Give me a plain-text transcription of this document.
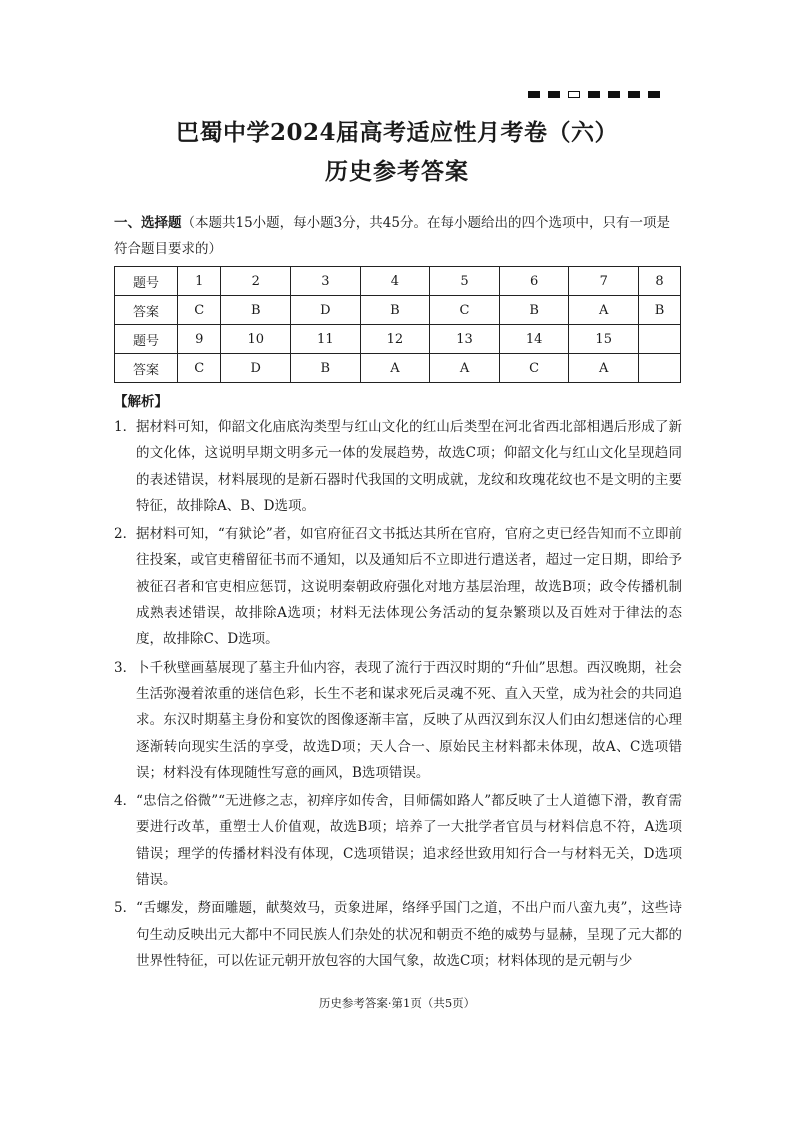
巴蜀中学2024届高考适应性月考卷（六）
历史参考答案
一、选择题（本题共15小题，每小题3分，共45分。在每小题给出的四个选项中，只有一项是符合题目要求的）
题号	1	2	3	4	5	6	7	8
答案	C	B	D	B	C	B	A	B
题号	9	10	11	12	13	14	15	
答案	C	D	B	A	A	C	A	
【解析】
1． 据材料可知，仰韶文化庙底沟类型与红山文化的红山后类型在河北省西北部相遇后形成了新的文化体，这说明早期文明多元一体的发展趋势，故选C项；仰韶文化与红山文化呈现趋同的表述错误，材料展现的是新石器时代我国的文明成就，龙纹和玫瑰花纹也不是文明的主要特征，故排除A、B、D选项。
2． 据材料可知，“有狱论”者，如官府征召文书抵达其所在官府，官府之吏已经告知而不立即前往投案，或官吏稽留征书而不通知，以及通知后不立即进行遣送者，超过一定日期，即给予被征召者和官吏相应惩罚，这说明秦朝政府强化对地方基层治理，故选B项；政令传播机制成熟表述错误，故排除A选项；材料无法体现公务活动的复杂繁琐以及百姓对于律法的态度，故排除C、D选项。
3． 卜千秋壁画墓展现了墓主升仙内容，表现了流行于西汉时期的“升仙”思想。西汉晚期，社会生活弥漫着浓重的迷信色彩，长生不老和谋求死后灵魂不死、直入天堂，成为社会的共同追求。东汉时期墓主身份和宴饮的图像逐渐丰富，反映了从西汉到东汉人们由幻想迷信的心理逐渐转向现实生活的享受，故选D项；天人合一、原始民主材料都未体现，故A、C选项错误；材料没有体现随性写意的画风，B选项错误。
4． “忠信之俗微”“无进修之志，初痒序如传舍，目师儒如路人”都反映了士人道德下滑，教育需要进行改革，重塑士人价值观，故选B项；培养了一大批学者官员与材料信息不符，A选项错误；理学的传播材料没有体现，C选项错误；追求经世致用知行合一与材料无关，D选项错误。
5． “舌螺发，剺面雕题，献獒效马，贡象进犀，络绎乎国门之道，不出户而八蛮九夷”，这些诗句生动反映出元大都中不同民族人们杂处的状况和朝贡不绝的威势与显赫，呈现了元大都的世界性特征，可以佐证元朝开放包容的大国气象，故选C项；材料体现的是元朝与少
历史参考答案·第1页（共5页）
